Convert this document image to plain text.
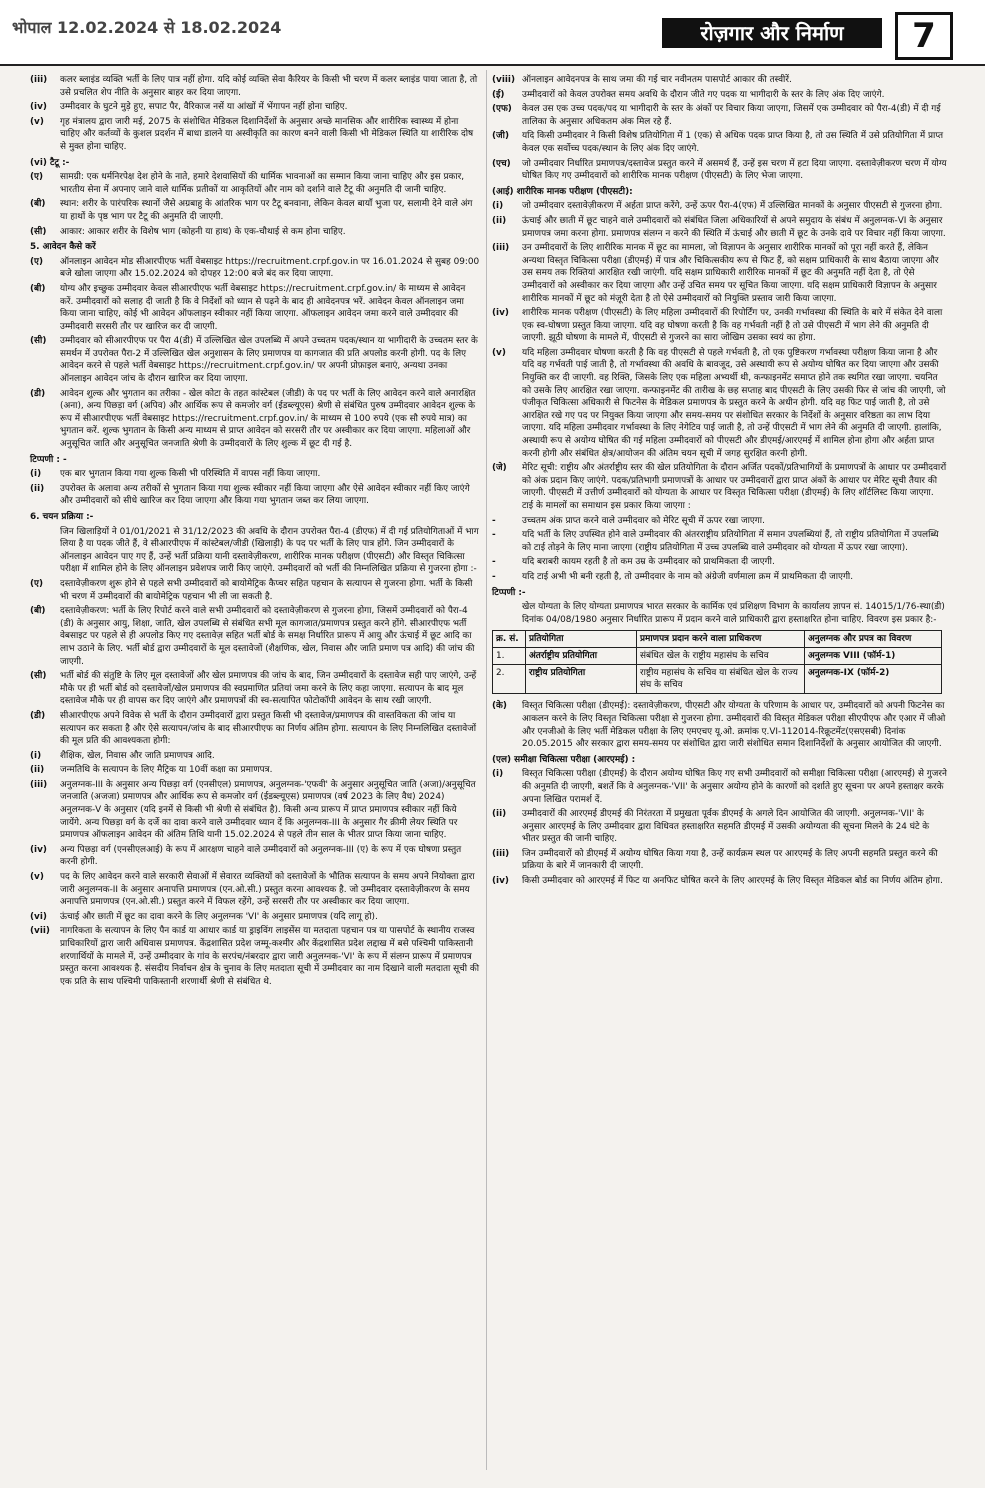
भोपाल 12.02.2024 से 18.02.2024	रोज़गार और निर्माण	7
(iii)	कलर ब्लाइंड व्यक्ति भर्ती के लिए पात्र नहीं होगा. यदि कोई व्यक्ति सेवा कैरियर के किसी भी चरण में कलर ब्लाइंड पाया जाता है, तो उसे प्रचलित शेप नीति के अनुसार बाहर कर दिया जाएगा.
(iv)	उम्मीदवार के घुटने मुड़े हुए, सपाट पैर, वैरिकाज नसें या आंखों में भेंगापन नहीं होना चाहिए.
(v)	गृह मंत्रालय द्वारा जारी मई, 2075 के संशोधित मेडिकल दिशानिर्देशों के अनुसार अच्छे मानसिक और शारीरिक स्वास्थ्य में होना चाहिए और कर्तव्यों के कुशल प्रदर्शन में बाधा डालने या अस्वीकृति का कारण बनने वाली किसी भी मेडिकल स्थिति या शारीरिक दोष से मुक्त होना चाहिए.
(vi) टैटू :-
(ए)	सामग्री: एक धर्मनिरपेक्ष देश होने के नाते, हमारे देशवासियों की धार्मिक भावनाओं का सम्मान किया जाना चाहिए और इस प्रकार, भारतीय सेना में अपनाए जाने वाले धार्मिक प्रतीकों या आकृतियों और नाम को दर्शाने वाले टैटू की अनुमति दी जानी चाहिए.
(बी)	स्थान: शरीर के पारंपरिक स्थानों जैसे अग्रबाहु के आंतरिक भाग पर टैटू बनवाना, लेकिन केवल बायाँ भुजा पर, सलामी देने वाले अंग या हाथों के पृष्ठ भाग पर टैटू की अनुमति दी जाएगी.
(सी)	आकार: आकार शरीर के विशेष भाग (कोहनी या हाथ) के एक-चौथाई से कम होना चाहिए.
5. आवेदन कैसे करें
(ए)	ऑनलाइन आवेदन मोड सीआरपीएफ भर्ती वेबसाइट https://recruitment.crpf.gov.in पर 16.01.2024 से सुबह 09:00 बजे खोला जाएगा और 15.02.2024 को दोपहर 12:00 बजे बंद कर दिया जाएगा.
(बी)	योग्य और इच्छुक उम्मीदवार केवल सीआरपीएफ भर्ती वेबसाइट https://recruitment.crpf.gov.in/ के माध्यम से आवेदन करें. उम्मीदवारों को सलाह दी जाती है कि वे निर्देशों को ध्यान से पढ़ने के बाद ही आवेदनपत्र भरें. आवेदन केवल ऑनलाइन जमा किया जाना चाहिए, कोई भी आवेदन ऑफलाइन स्वीकार नहीं किया जाएगा. ऑफलाइन आवेदन जमा करने वाले उम्मीदवार की उम्मीदवारी सरसरी तौर पर खारिज कर दी जाएगी.
(सी)	उम्मीदवार को सीआरपीएफ पर पैरा 4(डी) में उल्लिखित खेल उपलब्धि में अपने उच्चतम पदक/स्थान या भागीदारी के उच्चतम स्तर के समर्थन में उपरोक्त पैरा-2 में उल्लिखित खेल अनुशासन के लिए प्रमाणपत्र या कागजात की प्रति अपलोड करनी होगी. पद के लिए आवेदन करने से पहले भर्ती वेबसाइट https://recruitment.crpf.gov.in/ पर अपनी प्रोफ़ाइल बनाएं, अन्यथा उनका ऑनलाइन आवेदन जांच के दौरान खारिज कर दिया जाएगा.
(डी)	आवेदन शुल्क और भुगतान का तरीका - खेल कोटा के तहत कांस्टेबल (जीडी) के पद पर भर्ती के लिए आवेदन करने वाले अनारक्षित (अना), अन्य पिछड़ा वर्ग (अपिव) और आर्थिक रूप से कमजोर वर्ग (ईडब्ल्यूएस) श्रेणी से संबंधित पुरुष उम्मीदवार आवेदन शुल्क के रूप में सीआरपीएफ भर्ती वेबसाइट https://recruitment.crpf.gov.in/ के माध्यम से 100 रुपये (एक सौ रुपये मात्र) का भुगतान करें. शुल्क भुगतान के किसी अन्य माध्यम से प्राप्त आवेदन को सरसरी तौर पर अस्वीकार कर दिया जाएगा. महिलाओं और अनुसूचित जाति और अनुसूचित जनजाति श्रेणी के उम्मीदवारों के लिए शुल्क में छूट दी गई है.
टिप्पणी : -
(i)	एक बार भुगतान किया गया शुल्क किसी भी परिस्थिति में वापस नहीं किया जाएगा.
(ii)	उपरोक्त के अलावा अन्य तरीकों से भुगतान किया गया शुल्क स्वीकार नहीं किया जाएगा और ऐसे आवेदन स्वीकार नहीं किए जाएंगे और उम्मीदवारों को सीधे खारिज कर दिया जाएगा और किया गया भुगतान जब्त कर लिया जाएगा.
6. चयन प्रक्रिया :-
जिन खिलाड़ियों ने 01/01/2021 से 31/12/2023 की अवधि के दौरान उपरोक्त पैरा-4 (डीएफ) में दी गई प्रतियोगिताओं में भाग लिया है या पदक जीते हैं, वे सीआरपीएफ में कांस्टेबल/जीडी (खिलाड़ी) के पद पर भर्ती के लिए पात्र होंगे. जिन उम्मीदवारों के ऑनलाइन आवेदन पाए गए हैं, उन्हें भर्ती प्रक्रिया यानी दस्तावेज़ीकरण, शारीरिक मानक परीक्षण (पीएसटी) और विस्तृत चिकित्सा परीक्षा में शामिल होने के लिए ऑनलाइन प्रवेशपत्र जारी किए जाएंगे. उम्मीदवारों को भर्ती की निम्नलिखित प्रक्रिया से गुजरना होगा :-
(ए)	दस्तावेज़ीकरण शुरू होने से पहले सभी उम्मीदवारों को बायोमेट्रिक कैप्चर सहित पहचान के सत्यापन से गुजरना होगा. भर्ती के किसी भी चरण में उम्मीदवारों की बायोमेट्रिक पहचान भी ली जा सकती है.
(बी)	दस्तावेज़ीकरण: भर्ती के लिए रिपोर्ट करने वाले सभी उम्मीदवारों को दस्तावेज़ीकरण से गुजरना होगा, जिसमें उम्मीदवारों को पैरा-4 (डी) के अनुसार आयु, शिक्षा, जाति, खेल उपलब्धि से संबंधित सभी मूल कागजात/प्रमाणपत्र प्रस्तुत करने होंगे. सीआरपीएफ भर्ती वेबसाइट पर पहले से ही अपलोड किए गए दस्तावेज़ सहित भर्ती बोर्ड के समक्ष निर्धारित प्रारूप में आयु और ऊंचाई में छूट आदि का लाभ उठाने के लिए. भर्ती बोर्ड द्वारा उम्मीदवारों के मूल दस्तावेजों (शैक्षणिक, खेल, निवास और जाति प्रमाण पत्र आदि) की जांच की जाएगी.
(सी)	भर्ती बोर्ड की संतुष्टि के लिए मूल दस्तावेजों और खेल प्रमाणपत्र की जांच के बाद, जिन उम्मीदवारों के दस्तावेज सही पाए जाएंगे, उन्हें मौके पर ही भर्ती बोर्ड को दस्तावेजों/खेल प्रमाणपत्र की स्वप्रमाणित प्रतियां जमा करने के लिए कहा जाएगा. सत्यापन के बाद मूल दस्तावेज मौके पर ही वापस कर दिए जाएंगे और प्रमाणपत्रों की स्व-सत्यापित फोटोकॉपी आवेदन के साथ रखी जाएगी.
(डी)	सीआरपीएफ अपने विवेक से भर्ती के दौरान उम्मीदवारों द्वारा प्रस्तुत किसी भी दस्तावेज/प्रमाणपत्र की वास्तविकता की जांच या सत्यापन कर सकता है और ऐसे सत्यापन/जांच के बाद सीआरपीएफ का निर्णय अंतिम होगा. सत्यापन के लिए निम्नलिखित दस्तावेजों की मूल प्रति की आवश्यकता होगी:
(i)	शैक्षिक, खेल, निवास और जाति प्रमाणपत्र आदि.
(ii)	जन्मतिथि के सत्यापन के लिए मैट्रिक या 10वीं कक्षा का प्रमाणपत्र.
(iii)	अनुलग्नक-III के अनुसार अन्य पिछड़ा वर्ग (एनसीएल) प्रमाणपत्र, अनुलग्नक-'एफवी' के अनुसार अनुसूचित जाति (अजा)/अनुसूचित जनजाति (अजजा) प्रमाणपत्र और आर्थिक रूप से कमजोर वर्ग (ईडब्ल्यूएस) प्रमाणपत्र (वर्ष 2023 के लिए वैध) 2024) अनुलग्नक-V के अनुसार (यदि इनमें से किसी भी श्रेणी से संबंधित है). किसी अन्य प्रारूप में प्राप्त प्रमाणपत्र स्वीकार नहीं किये जायेंगे. अन्य पिछड़ा वर्ग के दर्जे का दावा करने वाले उम्मीदवार ध्यान दें कि अनुलग्नक-III के अनुसार गैर क्रीमी लेयर स्थिति पर प्रमाणपत्र ऑफलाइन आवेदन की अंतिम तिथि यानी 15.02.2024 से पहले तीन साल के भीतर प्राप्त किया जाना चाहिए.
(iv)	अन्य पिछड़ा वर्ग (एनसीएलआई) के रूप में आरक्षण चाहने वाले उम्मीदवारों को अनुलग्नक-III (ए) के रूप में एक घोषणा प्रस्तुत करनी होगी.
(v)	पद के लिए आवेदन करने वाले सरकारी सेवाओं में सेवारत व्यक्तियों को दस्तावेजों के भौतिक सत्यापन के समय अपने नियोक्ता द्वारा जारी अनुलग्नक-II के अनुसार अनापत्ति प्रमाणपत्र (एन.ओ.सी.) प्रस्तुत करना आवश्यक है. जो उम्मीदवार दस्तावेज़ीकरण के समय अनापत्ति प्रमाणपत्र (एन.ओ.सी.) प्रस्तुत करने में विफल रहेंगे, उन्हें सरसरी तौर पर अस्वीकार कर दिया जाएगा.
(vi)	ऊंचाई और छाती में छूट का दावा करने के लिए अनुलग्नक 'VI' के अनुसार प्रमाणपत्र (यदि लागू हो).
(vii)	नागरिकता के सत्यापन के लिए पैन कार्ड या आधार कार्ड या ड्राइविंग लाइसेंस या मतदाता पहचान पत्र या पासपोर्ट के स्थानीय राजस्व प्राधिकारियों द्वारा जारी अधिवास प्रमाणपत्र. केंद्रशासित प्रदेश जम्मू-कश्मीर और केंद्रशासित प्रदेश लद्दाख में बसे पश्चिमी पाकिस्तानी शरणार्थियों के मामले में, उन्हें उम्मीदवार के गांव के सरपंच/नंबरदार द्वारा जारी अनुलग्नक-'VI' के रूप में संलग्न प्रारूप में प्रमाणपत्र प्रस्तुत करना आवश्यक है. संसदीय निर्वाचन क्षेत्र के चुनाव के लिए मतदाता सूची में उम्मीदवार का नाम दिखाने वाली मतदाता सूची की एक प्रति के साथ पश्चिमी पाकिस्तानी शरणार्थी श्रेणी से संबंधित थे.
(viii) ऑनलाइन आवेदनपत्र के साथ जमा की गई चार नवीनतम पासपोर्ट आकार की तस्वीरें.
(ई)	उम्मीदवारों को केवल उपरोक्त समय अवधि के दौरान जीते गए पदक या भागीदारी के स्तर के लिए अंक दिए जाएंगे.
(एफ)	केवल उस एक उच्च पदक/पद या भागीदारी के स्तर के अंकों पर विचार किया जाएगा, जिसमें एक उम्मीदवार को पैरा-4(डी) में दी गई तालिका के अनुसार अधिकतम अंक मिल रहे हैं.
(जी)	यदि किसी उम्मीदवार ने किसी विशेष प्रतियोगिता में 1 (एक) से अधिक पदक प्राप्त किया है, तो उस स्थिति में उसे प्रतियोगिता में प्राप्त केवल एक सर्वोच्च पदक/स्थान के लिए अंक दिए जाएंगे.
(एच)	जो उम्मीदवार निर्धारित प्रमाणपत्र/दस्तावेज प्रस्तुत करने में असमर्थ हैं, उन्हें इस चरण में हटा दिया जाएगा. दस्तावेज़ीकरण चरण में योग्य घोषित किए गए उम्मीदवारों को शारीरिक मानक परीक्षण (पीएसटी) के लिए भेजा जाएगा.
(आई) शारीरिक मानक परीक्षण (पीएसटी):
(i)	जो उम्मीदवार दस्तावेज़ीकरण में अर्हता प्राप्त करेंगे, उन्हें ऊपर पैरा-4(एफ) में उल्लिखित मानकों के अनुसार पीएसटी से गुजरना होगा.
(ii)	ऊंचाई और छाती में छूट चाहने वाले उम्मीदवारों को संबंधित जिला अधिकारियों से अपने समुदाय के संबंध में अनुलग्नक-VI के अनुसार प्रमाणपत्र जमा करना होगा. प्रमाणपत्र संलग्न न करने की स्थिति में ऊंचाई और छाती में छूट के उनके दावे पर विचार नहीं किया जाएगा.
(iii)	उन उम्मीदवारों के लिए शारीरिक मानक में छूट का मामला, जो विज्ञापन के अनुसार शारीरिक मानकों को पूरा नहीं करते हैं, लेकिन अन्यथा विस्तृत चिकित्सा परीक्षा (डीएमई) में पात्र और चिकित्सकीय रूप से फिट हैं, को सक्षम प्राधिकारी के साथ बैठाया जाएगा और उस समय तक रिक्तियां आरक्षित रखी जाएंगी. यदि सक्षम प्राधिकारी शारीरिक मानकों में छूट की अनुमति नहीं देता है, तो ऐसे उम्मीदवारों को अस्वीकार कर दिया जाएगा और उन्हें उचित समय पर सूचित किया जाएगा. यदि सक्षम प्राधिकारी विज्ञापन के अनुसार शारीरिक मानकों में छूट को मंज़ूरी देता है तो ऐसे उम्मीदवारों को नियुक्ति प्रस्ताव जारी किया जाएगा.
(iv)	शारीरिक मानक परीक्षण (पीएसटी) के लिए महिला उम्मीदवारों की रिपोर्टिंग पर, उनकी गर्भावस्था की स्थिति के बारे में संकेत देने वाला एक स्व-घोषणा प्रस्तुत किया जाएगा. यदि वह घोषणा करती है कि वह गर्भवती नहीं है तो उसे पीएसटी में भाग लेने की अनुमति दी जाएगी. झूठी घोषणा के मामले में, पीएसटी से गुजरने का सारा जोखिम उसका स्वयं का होगा.
(v)	यदि महिला उम्मीदवार घोषणा करती है कि वह पीएसटी से पहले गर्भवती है, तो एक पुष्टिकरण गर्भावस्था परीक्षण किया जाना है और यदि वह गर्भवती पाई जाती है, तो गर्भावस्था की अवधि के बावजूद, उसे अस्थायी रूप से अयोग्य घोषित कर दिया जाएगा और उसकी नियुक्ति कर दी जाएगी. वह रिक्ति, जिसके लिए एक महिला अभ्यर्थी थी, कन्फाइनमेंट समाप्त होने तक स्थगित रखा जाएगा. चयनित को उसके लिए आरक्षित रखा जाएगा. कन्फाइनमेंट की तारीख के छह सप्ताह बाद पीएसटी के लिए उसकी फिर से जांच की जाएगी, जो पंजीकृत चिकित्सा अधिकारी से फिटनेस के मेडिकल प्रमाणपत्र के प्रस्तुत करने के अधीन होगी. यदि वह फिट पाई जाती है, तो उसे आरक्षित रखे गए पद पर नियुक्त किया जाएगा और समय-समय पर संशोधित सरकार के निर्देशों के अनुसार वरिष्ठता का लाभ दिया जाएगा. यदि महिला उम्मीदवार गर्भावस्था के लिए नेगेटिव पाई जाती है, तो उन्हें पीएसटी में भाग लेने की अनुमति दी जाएगी. हालांकि, अस्थायी रूप से अयोग्य घोषित की गई महिला उम्मीदवारों को पीएसटी और डीएमई/आरएमई में शामिल होना होगा और अर्हता प्राप्त करनी होगी और संबंधित क्षेत्र/आयोजन की अंतिम चयन सूची में जगह सुरक्षित करनी होगी.
(जे)	मेरिट सूची: राष्ट्रीय और अंतर्राष्ट्रीय स्तर की खेल प्रतियोगिता के दौरान अर्जित पदकों/प्रतिभागियों के प्रमाणपत्रों के आधार पर उम्मीदवारों को अंक प्रदान किए जाएंगे. पदक/प्रतिभागी प्रमाणपत्रों के आधार पर उम्मीदवारों द्वारा प्राप्त अंकों के आधार पर मेरिट सूची तैयार की जाएगी. पीएसटी में उत्तीर्ण उम्मीदवारों को योग्यता के आधार पर विस्तृत चिकित्सा परीक्षा (डीएमई) के लिए शॉर्टलिस्ट किया जाएगा. टाई के मामलों का समाधान इस प्रकार किया जाएगा :
-	उच्चतम अंक प्राप्त करने वाले उम्मीदवार को मेरिट सूची में ऊपर रखा जाएगा.
-	यदि भर्ती के लिए उपस्थित होने वाले उम्मीदवार की अंतरराष्ट्रीय प्रतियोगिता में समान उपलब्धियां हैं, तो राष्ट्रीय प्रतियोगिता में उपलब्धि को टाई तोड़ने के लिए माना जाएगा (राष्ट्रीय प्रतियोगिता में उच्च उपलब्धि वाले उम्मीदवार को योग्यता में ऊपर रखा जाएगा).
-	यदि बराबरी कायम रहती है तो कम उम्र के उम्मीदवार को प्राथमिकता दी जाएगी.
-	यदि टाई अभी भी बनी रहती है, तो उम्मीदवार के नाम को अंग्रेजी वर्णमाला क्रम में प्राथमिकता दी जाएगी.
टिप्पणी :-
खेल योग्यता के लिए योग्यता प्रमाणपत्र भारत सरकार के कार्मिक एवं प्रशिक्षण विभाग के कार्यालय ज्ञापन सं. 14015/1/76-स्था(डी) दिनांक 04/08/1980 अनुसार निर्धारित प्रारूप में प्रदान करने वाले प्राधिकारी द्वारा हस्ताक्षरित होना चाहिए. विवरण इस प्रकार है:-
क्र. सं.	प्रतियोगिता	प्रमाणपत्र प्रदान करने वाला प्राधिकरण	अनुलग्नक और प्रपत्र का विवरण
1.	अंतर्राष्ट्रीय प्रतियोगिता	संबंधित खेल के राष्ट्रीय महासंघ के सचिव	अनुलग्नक VIII (फॉर्म-1)
2.	राष्ट्रीय प्रतियोगिता	राष्ट्रीय महासंघ के सचिव या संबंधित खेल के राज्य संघ के सचिव	अनुलग्नक-IX (फॉर्म-2)
(के)	विस्तृत चिकित्सा परीक्षा (डीएमई): दस्तावेज़ीकरण, पीएसटी और योग्यता के परिणाम के आधार पर, उम्मीदवारों को अपनी फिटनेस का आकलन करने के लिए विस्तृत चिकित्सा परीक्षा से गुजरना होगा. उम्मीदवारों की विस्तृत मेडिकल परीक्षा सीएपीएफ और एआर में जीओ और एनजीओ के लिए भर्ती मेडिकल परीक्षा के लिए एमएचए यू.ओ. क्रमांक ए.VI-112014-रिक्रूटमेंट(एसएसबी) दिनांक 20.05.2015 और सरकार द्वारा समय-समय पर संशोधित द्वारा जारी संशोधित समान दिशानिर्देशों के अनुसार आयोजित की जाएगी.
(एल) समीक्षा चिकित्सा परीक्षा (आरएमई) :
(i)	विस्तृत चिकित्सा परीक्षा (डीएमई) के दौरान अयोग्य घोषित किए गए सभी उम्मीदवारों को समीक्षा चिकित्सा परीक्षा (आरएमई) से गुजरने की अनुमति दी जाएगी, बशर्ते कि वे अनुलग्नक-'VII' के अनुसार अयोग्य होने के कारणों को दर्शाते हुए सूचना पर अपने हस्ताक्षर करके अपना लिखित परामर्श दें.
(ii)	उम्मीदवारों की आरएमई डीएमई की निरंतरता में प्रमुखता पूर्वक डीएमई के अगले दिन आयोजित की जाएगी. अनुलग्नक-'VII' के अनुसार आरएमई के लिए उम्मीदवार द्वारा विधिवत हस्ताक्षरित सहमति डीएमई में उसकी अयोग्यता की सूचना मिलने के 24 घंटे के भीतर प्रस्तुत की जानी चाहिए.
(iii)	जिन उम्मीदवारों को डीएमई में अयोग्य घोषित किया गया है, उन्हें कार्यक्रम स्थल पर आरएमई के लिए अपनी सहमति प्रस्तुत करने की प्रक्रिया के बारे में जानकारी दी जाएगी.
(iv)	किसी उम्मीदवार को आरएमई में फिट या अनफिट घोषित करने के लिए आरएमई के लिए विस्तृत मेडिकल बोर्ड का निर्णय अंतिम होगा.
